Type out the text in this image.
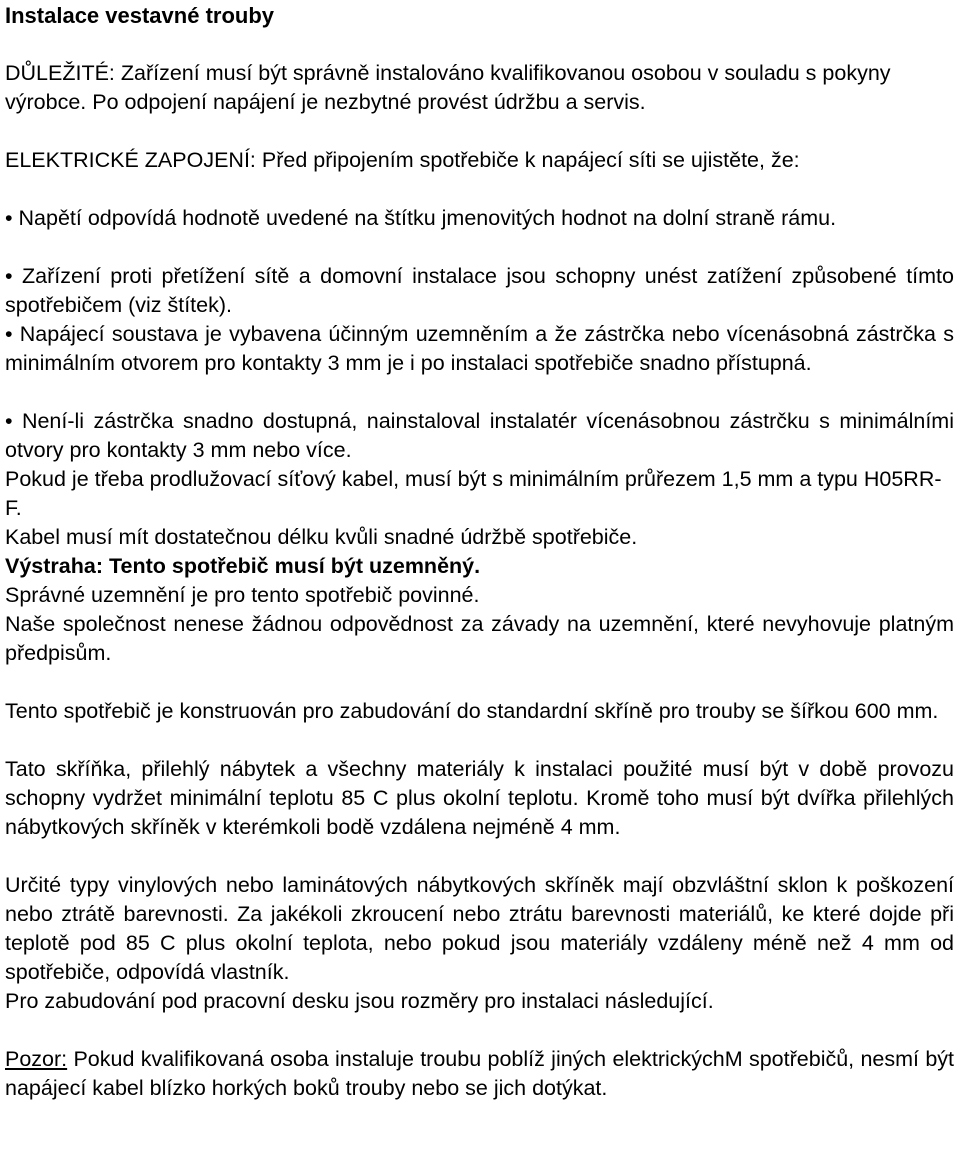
Instalace vestavné trouby

DŮLEŽITÉ: Zařízení musí být správně instalováno kvalifikovanou osobou v souladu s pokyny výrobce. Po odpojení napájení je nezbytné provést údržbu a servis.

ELEKTRICKÉ ZAPOJENÍ: Před připojením spotřebiče k napájecí síti se ujistěte, že:

• Napětí odpovídá hodnotě uvedené na štítku jmenovitých hodnot na dolní straně rámu.

• Zařízení proti přetížení sítě a domovní instalace jsou schopny unést zatížení způsobené tímto spotřebičem (viz štítek).

• Napájecí soustava je vybavena účinným uzemněním a že zástrčka nebo vícenásobná zástrčka s minimálním otvorem pro kontakty 3 mm je i po instalaci spotřebiče snadno přístupná.

• Není-li zástrčka snadno dostupná, nainstaloval instalatér vícenásobnou zástrčku s minimálními otvory pro kontakty 3 mm nebo více.

Pokud je třeba prodlužovací síťový kabel, musí být s minimálním průřezem 1,5 mm a typu H05RR-F.

Kabel musí mít dostatečnou délku kvůli snadné údržbě spotřebiče.

Výstraha: Tento spotřebič musí být uzemněný.

Správné uzemnění je pro tento spotřebič povinné.

Naše společnost nenese žádnou odpovědnost za závady na uzemnění, které nevyhovuje platným předpisům.

Tento spotřebič je konstruován pro zabudování do standardní skříně pro trouby se šířkou 600 mm.

Tato skříňka, přilehlý nábytek a všechny materiály k instalaci použité musí být v době provozu schopny vydržet minimální teplotu 85 C plus okolní teplotu. Kromě toho musí být dvířka přilehlých nábytkových skříněk v kterémkoli bodě vzdálena nejméně 4 mm.

Určité typy vinylových nebo laminátových nábytkových skříněk mají obzvláštní sklon k poškození nebo ztrátě barevnosti. Za jakékoli zkroucení nebo ztrátu barevnosti materiálů, ke které dojde při teplotě pod 85 C plus okolní teplota, nebo pokud jsou materiály vzdáleny méně než 4 mm od spotřebiče, odpovídá vlastník.

Pro zabudování pod pracovní desku jsou rozměry pro instalaci následující.

Pozor: Pokud kvalifikovaná osoba instaluje troubu poblíž jiných elektrickýchM spotřebičů, nesmí být napájecí kabel blízko horkých boků trouby nebo se jich dotýkat.
